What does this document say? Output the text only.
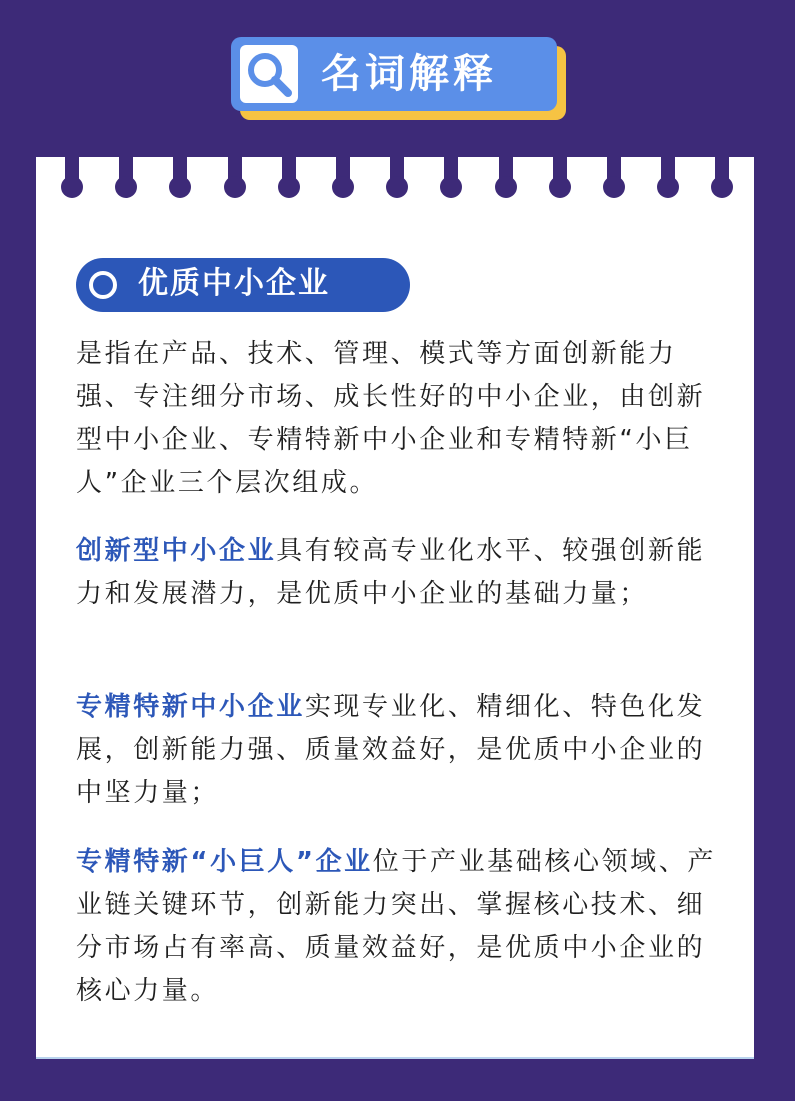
名词解释
优质中小企业

是指在产品、技术、管理、模式等方面创新能力强、专注细分市场、成长性好的中小企业，由创新型中小企业、专精特新中小企业和专精特新“小巨人”企业三个层次组成。

创新型中小企业具有较高专业化水平、较强创新能力和发展潜力，是优质中小企业的基础力量；

专精特新中小企业实现专业化、精细化、特色化发展，创新能力强、质量效益好，是优质中小企业的中坚力量；

专精特新“小巨人”企业位于产业基础核心领域、产业链关键环节，创新能力突出、掌握核心技术、细分市场占有率高、质量效益好，是优质中小企业的核心力量。
